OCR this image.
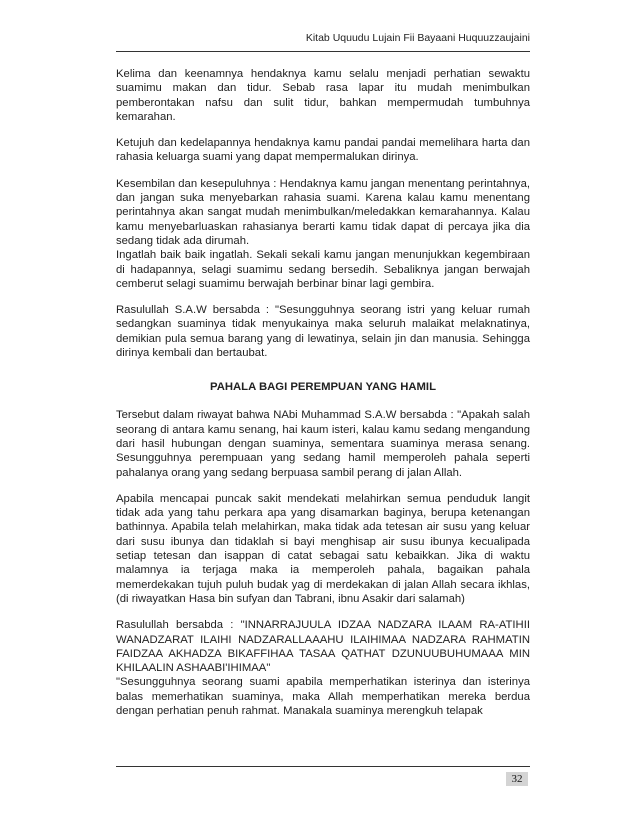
Kitab Uquudu Lujain Fii Bayaani Huquuzzaujaini

Kelima dan keenamnya hendaknya kamu selalu menjadi perhatian sewaktu suamimu makan dan tidur. Sebab rasa lapar itu mudah menimbulkan pemberontakan nafsu dan sulit tidur, bahkan mempermudah tumbuhnya kemarahan.

Ketujuh dan kedelapannya hendaknya kamu pandai pandai memelihara harta dan rahasia keluarga suami yang dapat mempermalukan dirinya.

Kesembilan dan kesepuluhnya : Hendaknya kamu jangan menentang perintahnya, dan jangan suka menyebarkan rahasia suami. Karena kalau kamu menentang perintahnya akan sangat mudah menimbulkan/meledakkan kemarahannya. Kalau kamu menyebarluaskan rahasianya berarti kamu tidak dapat di percaya jika dia sedang tidak ada dirumah.

Ingatlah baik baik ingatlah. Sekali sekali kamu jangan menunjukkan kegembiraan di hadapannya, selagi suamimu sedang bersedih. Sebaliknya jangan berwajah cemberut selagi suamimu berwajah berbinar binar lagi gembira.

Rasulullah S.A.W bersabda : "Sesungguhnya seorang istri yang keluar rumah sedangkan suaminya tidak menyukainya maka seluruh malaikat melaknatinya, demikian pula semua barang yang di lewatinya, selain jin dan manusia. Sehingga dirinya kembali dan bertaubat.

PAHALA BAGI PEREMPUAN YANG HAMIL

Tersebut dalam riwayat bahwa NAbi Muhammad S.A.W bersabda : "Apakah salah seorang di antara kamu senang, hai kaum isteri, kalau kamu sedang mengandung dari hasil hubungan dengan suaminya, sementara suaminya merasa senang. Sesungguhnya perempuaan yang sedang hamil memperoleh pahala seperti pahalanya orang yang sedang berpuasa sambil perang di jalan Allah.

Apabila mencapai puncak sakit mendekati melahirkan semua penduduk langit tidak ada yang tahu perkara apa yang disamarkan baginya, berupa ketenangan bathinnya. Apabila telah melahirkan, maka tidak ada tetesan air susu yang keluar dari susu ibunya dan tidaklah si bayi menghisap air susu ibunya kecualipada setiap tetesan dan isappan di catat sebagai satu kebaikkan. Jika di waktu malamnya ia terjaga maka ia memperoleh pahala, bagaikan pahala memerdekakan tujuh puluh budak yag di merdekakan di jalan Allah secara ikhlas, (di riwayatkan Hasa bin sufyan dan Tabrani, ibnu Asakir dari salamah)

Rasulullah bersabda : "INNARRAJUULA IDZAA NADZARA ILAAM RA-ATIHII WANADZARAT ILAIHI NADZARALLAAAHU ILAIHIMAA NADZARA RAHMATIN FAIDZAA AKHADZA BIKAFFIHAA TASAA QATHAT DZUNUUBUHUMAAA MIN KHILAALIN ASHAABI'IHIMAA"

"Sesungguhnya seorang suami apabila memperhatikan isterinya dan isterinya balas memerhatikan suaminya, maka Allah memperhatikan mereka berdua dengan perhatian penuh rahmat. Manakala suaminya merengkuh telapak

32
